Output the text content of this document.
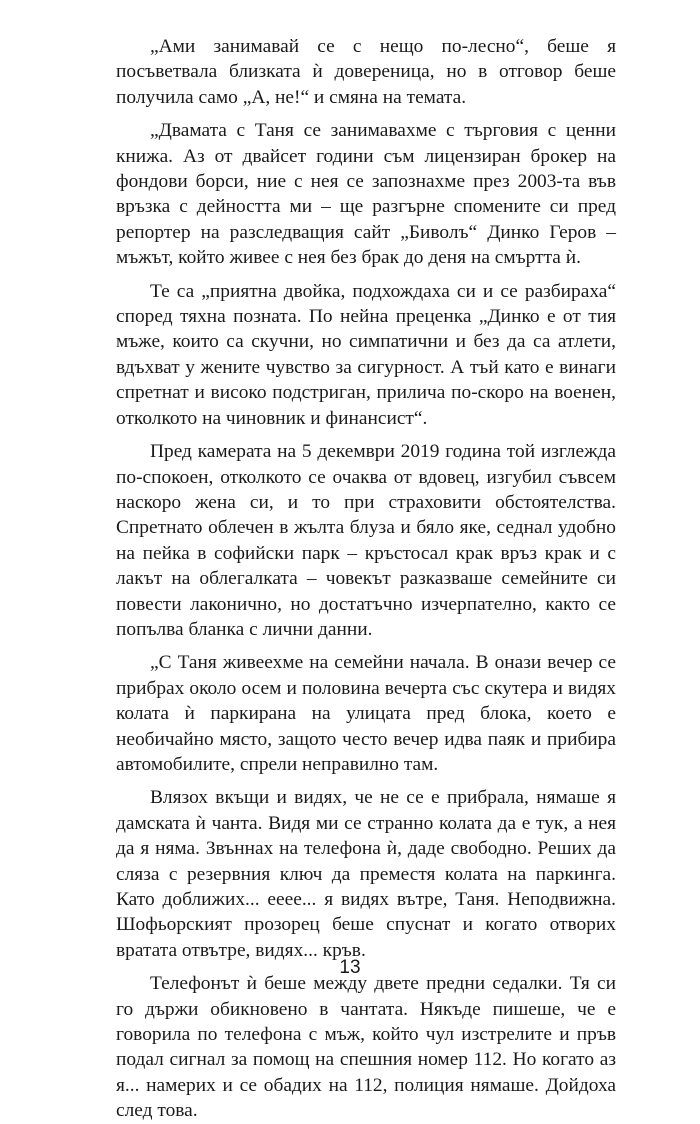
„Ами занимавай се с нещо по-лесно“, беше я посъветвала близката ѝ довереница, но в отговор беше получила само „А, не!“ и смяна на темата.

„Двамата с Таня се занимавахме с търговия с ценни книжа. Аз от двайсет години съм лицензиран брокер на фондови борси, ние с нея се запознахме през 2003-та във връзка с дейността ми – ще разгърне спомените си пред репортер на разследващия сайт „Биволъ“ Динко Геров – мъжът, който живее с нея без брак до деня на смъртта ѝ.

Те са „приятна двойка, подхождаха си и се разбираха“ според тяхна позната. По нейна преценка „Динко е от тия мъже, които са скучни, но симпатични и без да са атлети, вдъхват у жените чувство за сигурност. А тъй като е винаги спретнат и високо подстриган, прилича по-скоро на военен, отколкото на чиновник и финансист“.

Пред камерата на 5 декември 2019 година той изглежда по-спокоен, отколкото се очаква от вдовец, изгубил съвсем наскоро жена си, и то при страховити обстоятелства. Спретнато облечен в жълта блуза и бяло яке, седнал удобно на пейка в софийски парк – кръстосал крак връз крак и с лакът на облегалката – човекът разказваше семейните си повести лаконично, но достатъчно изчерпателно, както се попълва бланка с лични данни.

„С Таня живеехме на семейни начала. В онази вечер се прибрах около осем и половина вечерта със скутера и видях колата ѝ паркирана на улицата пред блока, което е необичайно място, защото често вечер идва паяк и прибира автомобилите, спрели неправилно там.

Влязох вкъщи и видях, че не се е прибрала, нямаше я дамската ѝ чанта. Видя ми се странно колата да е тук, а нея да я няма. Звъннах на телефона ѝ, даде свободно. Реших да сляза с резервния ключ да преместя колата на паркинга. Като доближих... ееее... я видях вътре, Таня. Неподвижна. Шофьорският прозорец беше спуснат и когато отворих вратата отвътре, видях... кръв.

Телефонът ѝ беше между двете предни седалки. Тя си го държи обикновено в чантата. Някъде пишеше, че е говорила по телефона с мъж, който чул изстрелите и пръв подал сигнал за помощ на спешния номер 112. Но когато аз я... намерих и се обадих на 112, полиция нямаше. Дойдоха след това.

13
